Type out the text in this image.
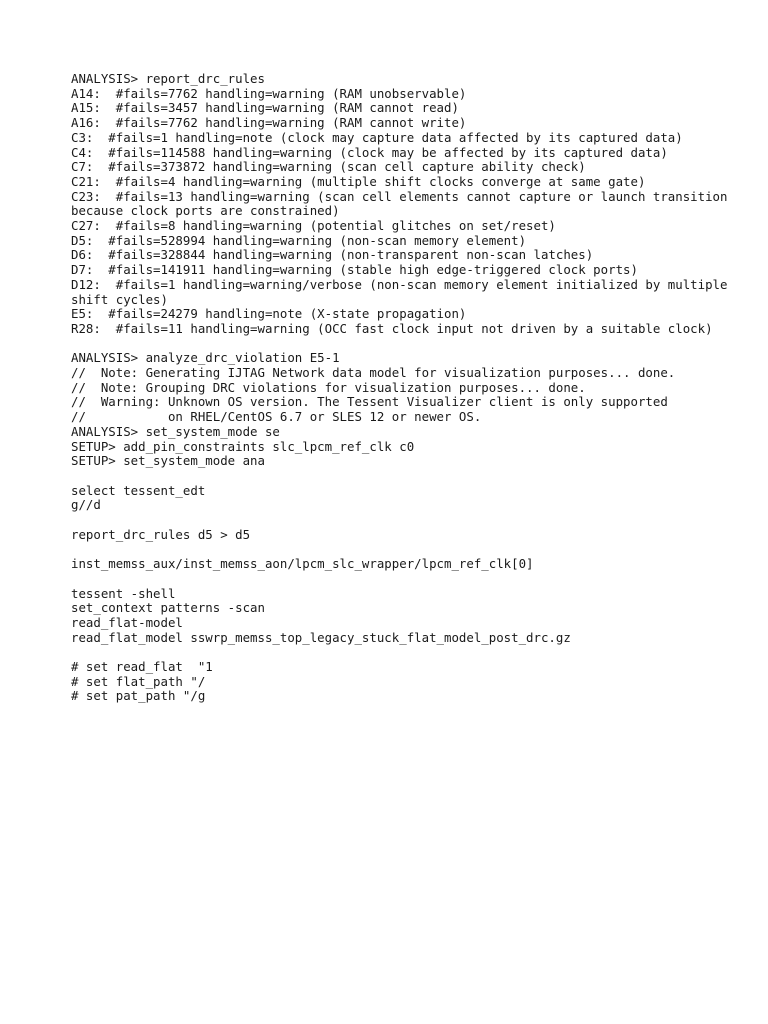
ANALYSIS> report_drc_rules
A14:  #fails=7762 handling=warning (RAM unobservable)
A15:  #fails=3457 handling=warning (RAM cannot read)
A16:  #fails=7762 handling=warning (RAM cannot write)
C3:  #fails=1 handling=note (clock may capture data affected by its captured data)
C4:  #fails=114588 handling=warning (clock may be affected by its captured data)
C7:  #fails=373872 handling=warning (scan cell capture ability check)
C21:  #fails=4 handling=warning (multiple shift clocks converge at same gate)
C23:  #fails=13 handling=warning (scan cell elements cannot capture or launch transition because clock ports are constrained)
C27:  #fails=8 handling=warning (potential glitches on set/reset)
D5:  #fails=528994 handling=warning (non-scan memory element)
D6:  #fails=328844 handling=warning (non-transparent non-scan latches)
D7:  #fails=141911 handling=warning (stable high edge-triggered clock ports)
D12:  #fails=1 handling=warning/verbose (non-scan memory element initialized by multiple shift cycles)
E5:  #fails=24279 handling=note (X-state propagation)
R28:  #fails=11 handling=warning (OCC fast clock input not driven by a suitable clock)
ANALYSIS> analyze_drc_violation E5-1
//  Note: Generating IJTAG Network data model for visualization purposes... done.
//  Note: Grouping DRC violations for visualization purposes... done.
//  Warning: Unknown OS version. The Tessent Visualizer client is only supported
//           on RHEL/CentOS 6.7 or SLES 12 or newer OS.
ANALYSIS> set_system_mode se
SETUP> add_pin_constraints slc_lpcm_ref_clk c0
SETUP> set_system_mode ana
select tessent_edt
g//d
report_drc_rules d5 > d5
inst_memss_aux/inst_memss_aon/lpcm_slc_wrapper/lpcm_ref_clk[0]
tessent -shell
set_context patterns -scan
read_flat-model
read_flat_model sswrp_memss_top_legacy_stuck_flat_model_post_drc.gz
# set read_flat  "1
# set flat_path "/
# set pat_path "/g
